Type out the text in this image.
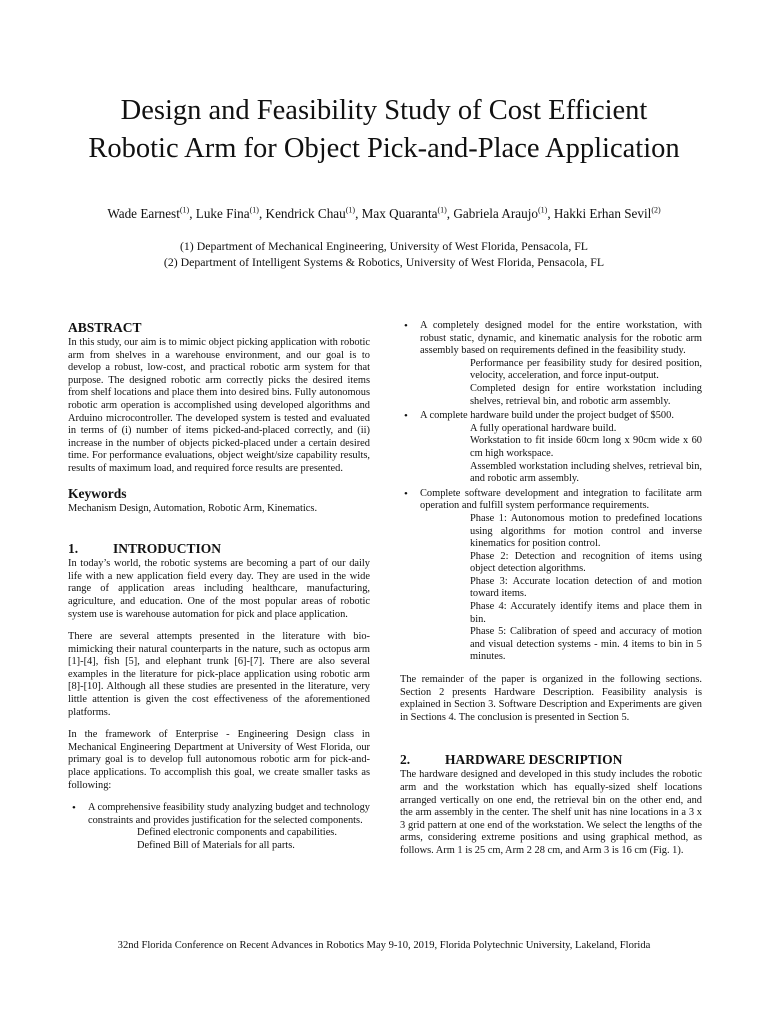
Design and Feasibility Study of Cost Efficient
Robotic Arm for Object Pick-and-Place Application
Wade Earnest$^{(1)}$, Luke Fina$^{(1)}$, Kendrick Chau$^{(1)}$, Max Quaranta$^{(1)}$, Gabriela Araujo$^{(1)}$, Hakki Erhan Sevil$^{(2)}$
(1) Department of Mechanical Engineering, University of West Florida, Pensacola, FL
(2) Department of Intelligent Systems & Robotics, University of West Florida, Pensacola, FL
ABSTRACT

In this study, our aim is to mimic object picking application with robotic arm from shelves in a warehouse environment, and our goal is to develop a robust, low-cost, and practical robotic arm system for that purpose. The designed robotic arm correctly picks the desired items from shelf locations and place them into desired bins. Fully autonomous robotic arm operation is accomplished using developed algorithms and Arduino microcontroller. The developed system is tested and evaluated in terms of (i) number of items picked-and-placed correctly, and (ii) increase in the number of objects picked-placed under a certain desired time. For performance evaluations, object weight/size capability results, results of maximum load, and required force results are presented.

Keywords

Mechanism Design, Automation, Robotic Arm, Kinematics.

1.	INTRODUCTION

In today’s world, the robotic systems are becoming a part of our daily life with a new application field every day. They are used in the wide range of application areas including healthcare, manufacturing, agriculture, and education. One of the most popular areas of robotic system use is warehouse automation for pick and place application.

There are several attempts presented in the literature with bio-mimicking their natural counterparts in the nature, such as octopus arm [1]-[4], fish [5], and elephant trunk [6]-[7]. There are also several examples in the literature for pick-place application using robotic arm [8]-[10]. Although all these studies are presented in the literature, very little attention is given the cost effectiveness of the aforementioned platforms.

In the framework of Enterprise - Engineering Design class in Mechanical Engineering Department at University of West Florida, our primary goal is to develop full autonomous robotic arm for pick-and-place applications. To accomplish this goal, we create smaller tasks as following:

• A comprehensive feasibility study analyzing budget and technology constraints and provides justification for the selected components.
Defined electronic components and capabilities.
Defined Bill of Materials for all parts.
• A completely designed model for the entire workstation, with robust static, dynamic, and kinematic analysis for the robotic arm assembly based on requirements defined in the feasibility study.
Performance per feasibility study for desired position, velocity, acceleration, and force input-output.
Completed design for entire workstation including shelves, retrieval bin, and robotic arm assembly.
• A complete hardware build under the project budget of $500.
A fully operational hardware build.
Workstation to fit inside 60cm long x 90cm wide x 60 cm high workspace.
Assembled workstation including shelves, retrieval bin, and robotic arm assembly.
• Complete software development and integration to facilitate arm operation and fulfill system performance requirements.
Phase 1: Autonomous motion to predefined locations using algorithms for motion control and inverse kinematics for position control.
Phase 2: Detection and recognition of items using object detection algorithms.
Phase 3: Accurate location detection of and motion toward items.
Phase 4: Accurately identify items and place them in bin.
Phase 5: Calibration of speed and accuracy of motion and visual detection systems - min. 4 items to bin in 5 minutes.

The remainder of the paper is organized in the following sections. Section 2 presents Hardware Description. Feasibility analysis is explained in Section 3. Software Description and Experiments are given in Sections 4. The conclusion is presented in Section 5.

2.	HARDWARE DESCRIPTION

The hardware designed and developed in this study includes the robotic arm and the workstation which has equally-sized shelf locations arranged vertically on one end, the retrieval bin on the other end, and the arm assembly in the center. The shelf unit has nine locations in a 3 x 3 grid pattern at one end of the workstation. We select the lengths of the arms, considering extreme positions and using graphical method, as follows. Arm 1 is 25 cm, Arm 2 28 cm, and Arm 3 is 16 cm (Fig. 1).

32nd Florida Conference on Recent Advances in Robotics May 9-10, 2019, Florida Polytechnic University, Lakeland, Florida
